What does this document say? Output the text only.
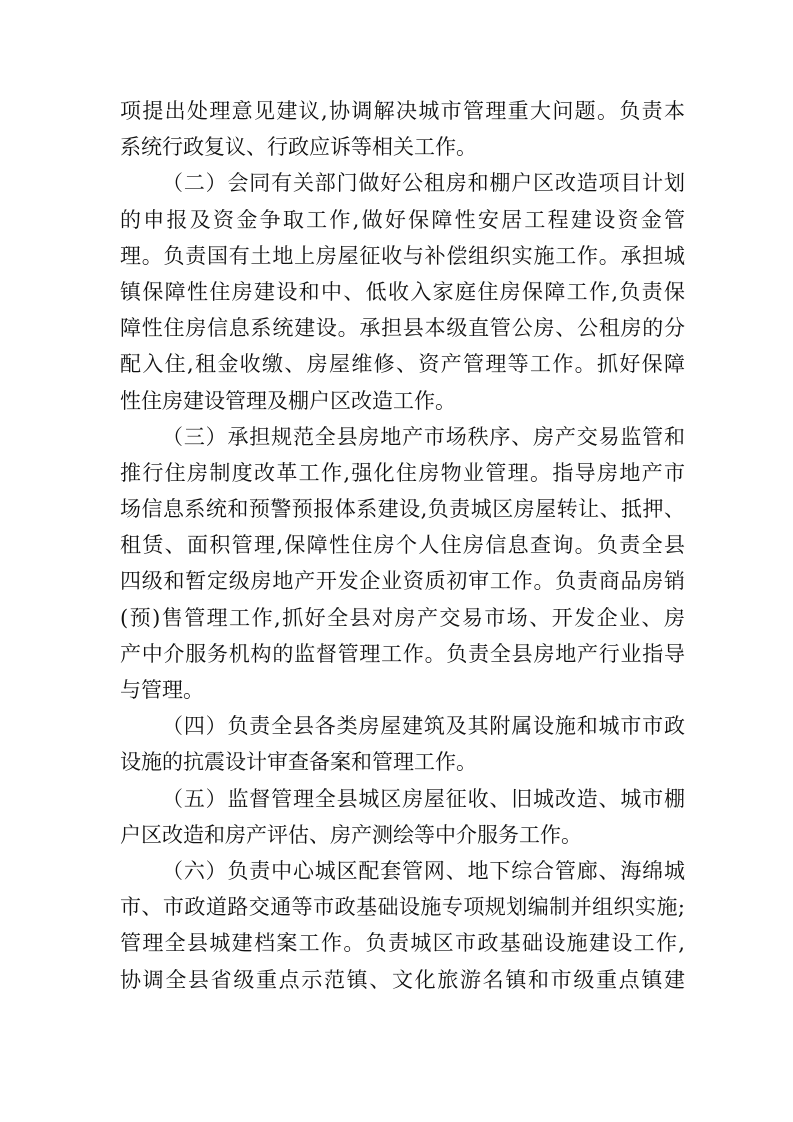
项提出处理意见建议,协调解决城市管理重大问题。负责本
系统行政复议、行政应诉等相关工作。
（二）会同有关部门做好公租房和棚户区改造项目计划
的申报及资金争取工作,做好保障性安居工程建设资金管
理。负责国有土地上房屋征收与补偿组织实施工作。承担城
镇保障性住房建设和中、低收入家庭住房保障工作,负责保
障性住房信息系统建设。承担县本级直管公房、公租房的分
配入住,租金收缴、房屋维修、资产管理等工作。抓好保障
性住房建设管理及棚户区改造工作。
（三）承担规范全县房地产市场秩序、房产交易监管和
推行住房制度改革工作,强化住房物业管理。指导房地产市
场信息系统和预警预报体系建设,负责城区房屋转让、抵押、
租赁、面积管理,保障性住房个人住房信息查询。负责全县
四级和暂定级房地产开发企业资质初审工作。负责商品房销
(预)售管理工作,抓好全县对房产交易市场、开发企业、房
产中介服务机构的监督管理工作。负责全县房地产行业指导
与管理。
（四）负责全县各类房屋建筑及其附属设施和城市市政
设施的抗震设计审查备案和管理工作。
（五）监督管理全县城区房屋征收、旧城改造、城市棚
户区改造和房产评估、房产测绘等中介服务工作。
（六）负责中心城区配套管网、地下综合管廊、海绵城
市、市政道路交通等市政基础设施专项规划编制并组织实施;
管理全县城建档案工作。负责城区市政基础设施建设工作,
协调全县省级重点示范镇、文化旅游名镇和市级重点镇建
